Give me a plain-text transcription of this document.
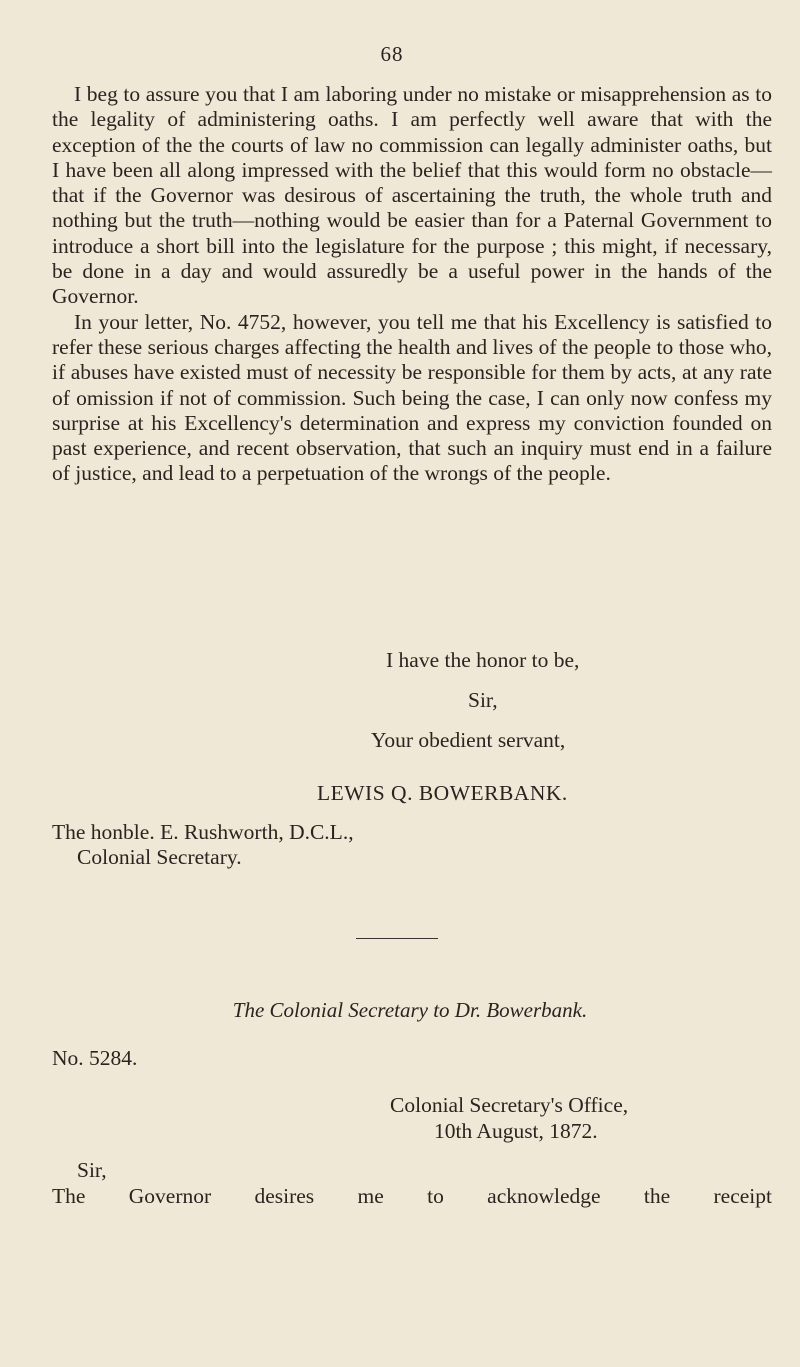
68

I beg to assure you that I am laboring under no mistake or misapprehension as to the legality of administering oaths. I am perfectly well aware that with the exception of the the courts of law no commission can legally administer oaths, but I have been all along impressed with the belief that this would form no obstacle—that if the Governor was desirous of ascertaining the truth, the whole truth and nothing but the truth—nothing would be easier than for a Paternal Government to introduce a short bill into the legislature for the purpose ; this might, if necessary, be done in a day and would assuredly be a useful power in the hands of the Governor.

In your letter, No. 4752, however, you tell me that his Excellency is satisfied to refer these serious charges affecting the health and lives of the people to those who, if abuses have existed must of necessity be responsible for them by acts, at any rate of omission if not of commission. Such being the case, I can only now confess my surprise at his Excellency's determination and express my conviction founded on past experience, and recent observation, that such an inquiry must end in a failure of justice, and lead to a perpetuation of the wrongs of the people.

I have the honor to be,
Sir,
Your obedient servant,
LEWIS Q. BOWERBANK.
The honble. E. Rushworth, D.C.L.,
Colonial Secretary.
The Colonial Secretary to Dr. Bowerbank.
No. 5284.
Colonial Secretary's Office,
10th August, 1872.
Sir,
The Governor desires me to acknowledge the receipt
